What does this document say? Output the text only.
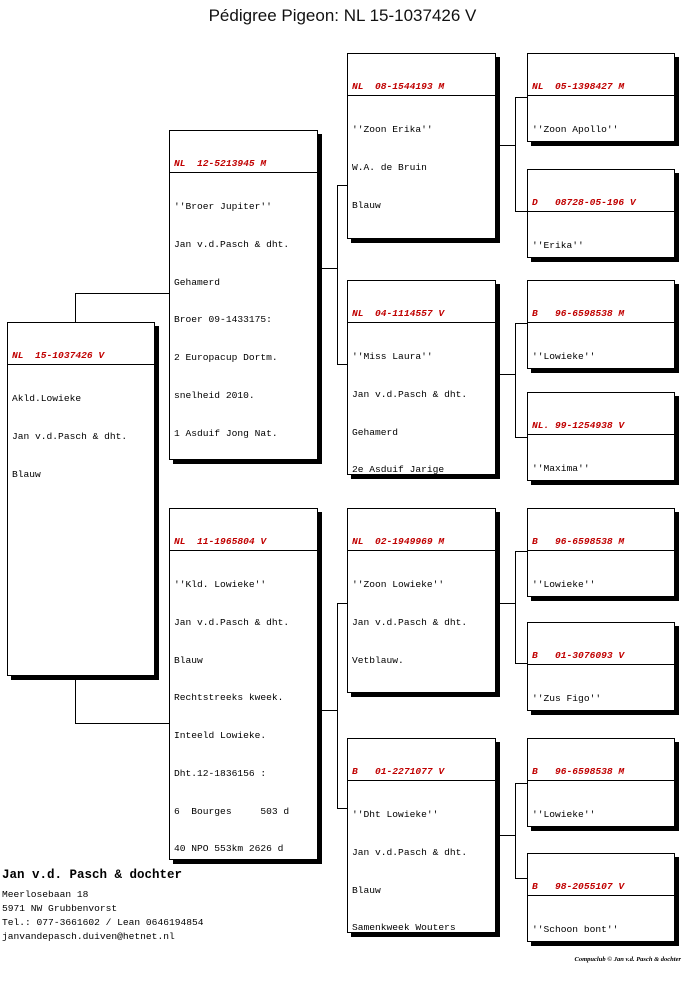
Pédigree Pigeon: NL 15-1037426 V

NL  15-1037426 V

Akld.Lowieke

Jan v.d.Pasch & dht.

Blauw

NL  12-5213945 M

''Broer Jupiter''

Jan v.d.Pasch & dht.

Gehamerd

Broer 09-1433175:

2 Europacup Dortm.

snelheid 2010.

1 Asduif Jong Nat.

NL  11-1965804 V

''Kld. Lowieke''

Jan v.d.Pasch & dht.

Blauw

Rechtstreeks kweek.

Inteeld Lowieke.

Dht.12-1836156 :

6  Bourges     503 d

40 NPO 553km 2626 d

NL  08-1544193 M

''Zoon Erika''

W.A. de Bruin

Blauw

NL  04-1114557 V

''Miss Laura''

Jan v.d.Pasch & dht.

Gehamerd

2e Asduif Jarige

NL  02-1949969 M

''Zoon Lowieke''

Jan v.d.Pasch & dht.

Vetblauw.

B   01-2271077 V

''Dht Lowieke''

Jan v.d.Pasch & dht.

Blauw

Samenkweek Wouters

NL  05-1398427 M

''Zoon Apollo''

D   08728-05-196 V

''Erika''

B   96-6598538 M

''Lowieke''

NL. 99-1254938 V

''Maxima''

B   96-6598538 M

''Lowieke''

B   01-3076093 V

''Zus Figo''

B   96-6598538 M

''Lowieke''

B   98-2055107 V

''Schoon bont''

Jan v.d. Pasch & dochter
Meerlosebaan 18
5971 NW Grubbenvorst
Tel.: 077-3661602 / Lean 0646194854
janvandepasch.duiven@hetnet.nl
Compuclub © Jan v.d. Pasch & dochter
